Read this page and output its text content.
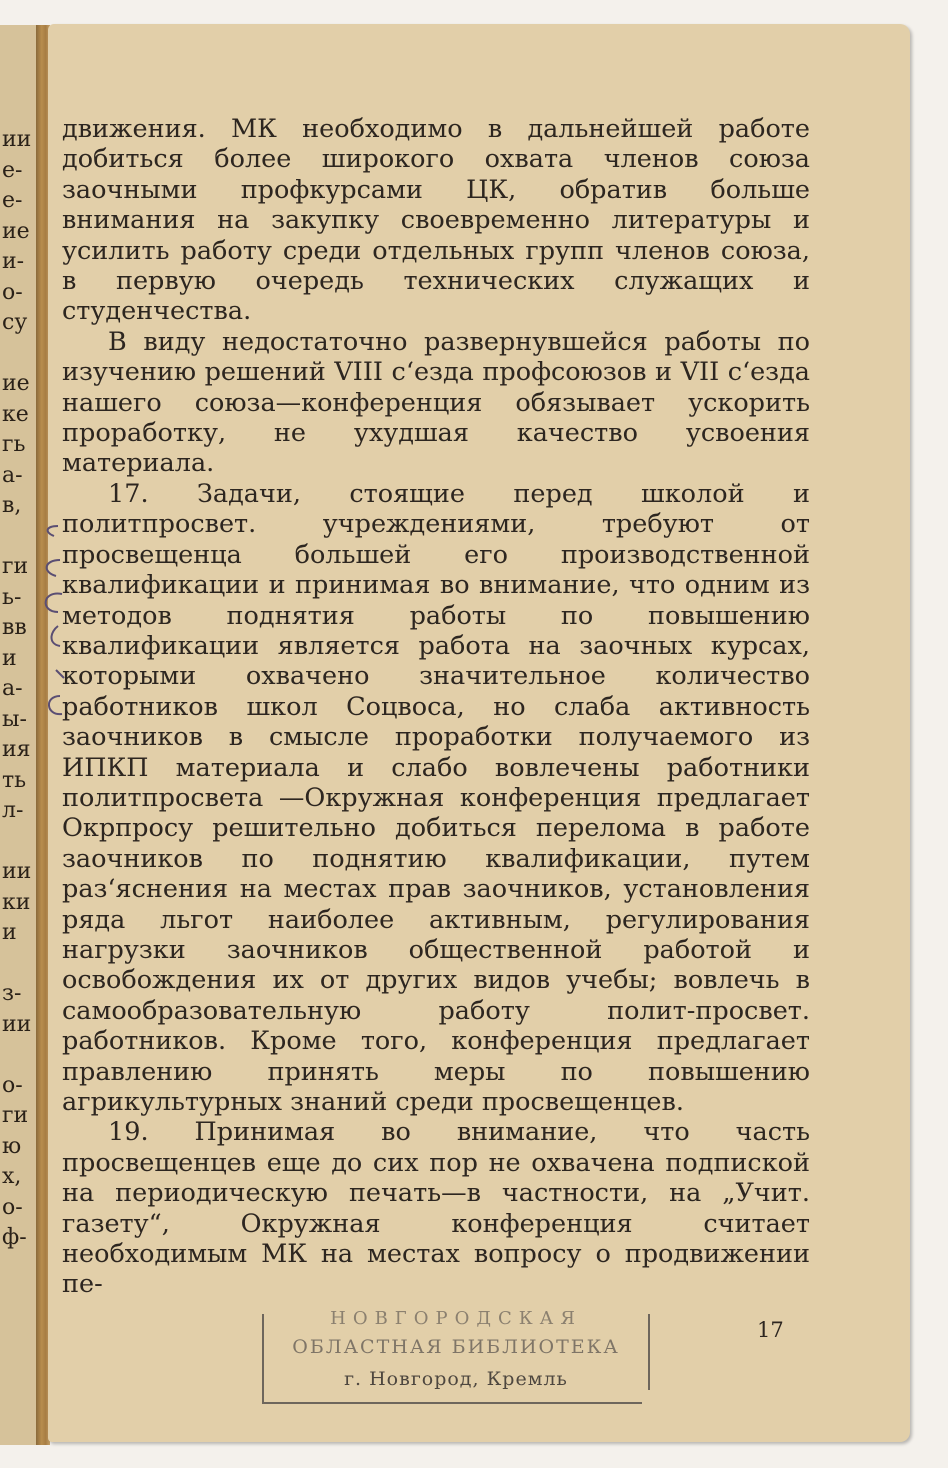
ии
е-
е-
ие
и-
о-
су

ие
ке
гь
а-
в,

ги
ь-
вв
и
а-
ы-
ия
ть
л-

ии
ки
и

з-
ии

о-
ги
ю
х,
о-
ф-

движения. МК необходимо в дальнейшей работе добиться более широкого охвата членов союза заочными профкурсами ЦК, обратив больше внимания на закупку своевременно литературы и усилить работу среди отдельных групп членов союза, в первую очередь технических служащих и студенчества.

В виду недостаточно развернувшейся работы по изучению решений VIII с‘езда профсоюзов и VII с‘езда нашего союза—конференция обязывает ускорить проработку, не ухудшая качество усвоения материала.

17. Задачи, стоящие перед школой и политпросвет. учреждениями, требуют от просвещенца большей его производственной квалификации и принимая во внимание, что одним из методов поднятия работы по повышению квалификации является работа на заочных курсах, которыми охвачено значительное количество работников школ Соцвоса, но слаба активность заочников в смысле проработки получаемого из ИПКП материала и слабо вовлечены работники политпросвета —Окружная конференция предлагает Окрпросу решительно добиться перелома в работе заочников по поднятию квалификации, путем раз‘яснения на местах прав заочников, установления ряда льгот наиболее активным, регулирования нагрузки заочников общественной работой и освобождения их от других видов учебы; вовлечь в самообразовательную работу полит-просвет. работников. Кроме того, конференция предлагает правлению принять меры по повышению агрикультурных знаний среди просвещенцев.

19. Принимая во внимание, что часть просвещенцев еще до сих пор не охвачена подпиской на периодическую печать—в частности, на „Учит. газету“, Окружная конференция считает необходимым МК на местах вопросу о продвижении пе-

17
НОВГОРОДСКАЯ
ОБЛАСТНАЯ БИБЛИОТЕКА
г. Новгород, Кремль
